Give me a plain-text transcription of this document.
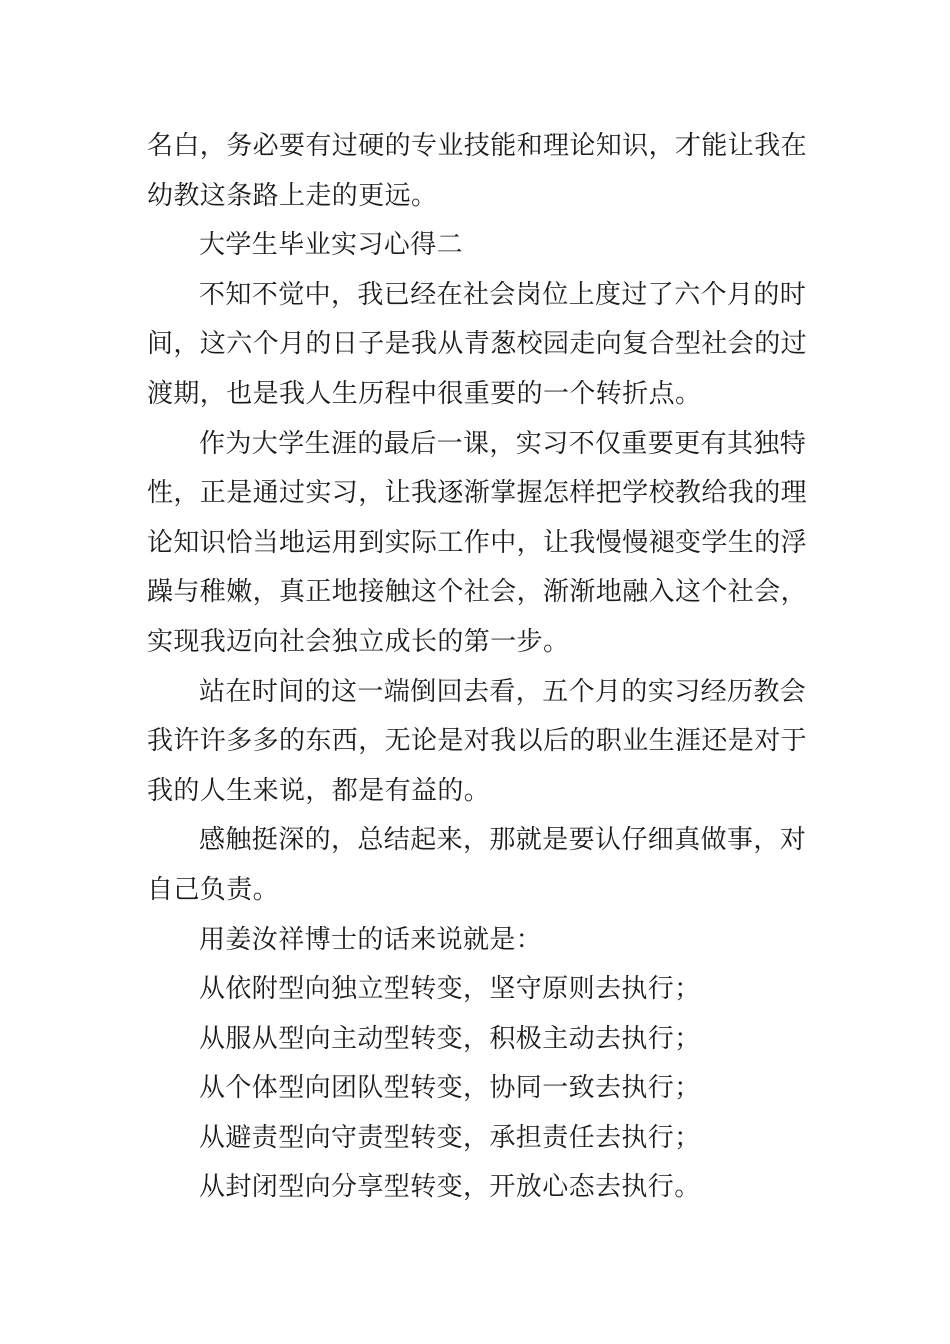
名白，务必要有过硬的专业技能和理论知识，才能让我在
幼教这条路上走的更远。
大学生毕业实习心得二
不知不觉中，我已经在社会岗位上度过了六个月的时
间，这六个月的日子是我从青葱校园走向复合型社会的过
渡期，也是我人生历程中很重要的一个转折点。
作为大学生涯的最后一课，实习不仅重要更有其独特
性，正是通过实习，让我逐渐掌握怎样把学校教给我的理
论知识恰当地运用到实际工作中，让我慢慢褪变学生的浮
躁与稚嫩，真正地接触这个社会，渐渐地融入这个社会，
实现我迈向社会独立成长的第一步。
站在时间的这一端倒回去看，五个月的实习经历教会
我许许多多的东西，无论是对我以后的职业生涯还是对于
我的人生来说，都是有益的。
感触挺深的，总结起来，那就是要认仔细真做事，对
自己负责。
用姜汝祥博士的话来说就是：
从依附型向独立型转变，坚守原则去执行；
从服从型向主动型转变，积极主动去执行；
从个体型向团队型转变，协同一致去执行；
从避责型向守责型转变，承担责任去执行；
从封闭型向分享型转变，开放心态去执行。
